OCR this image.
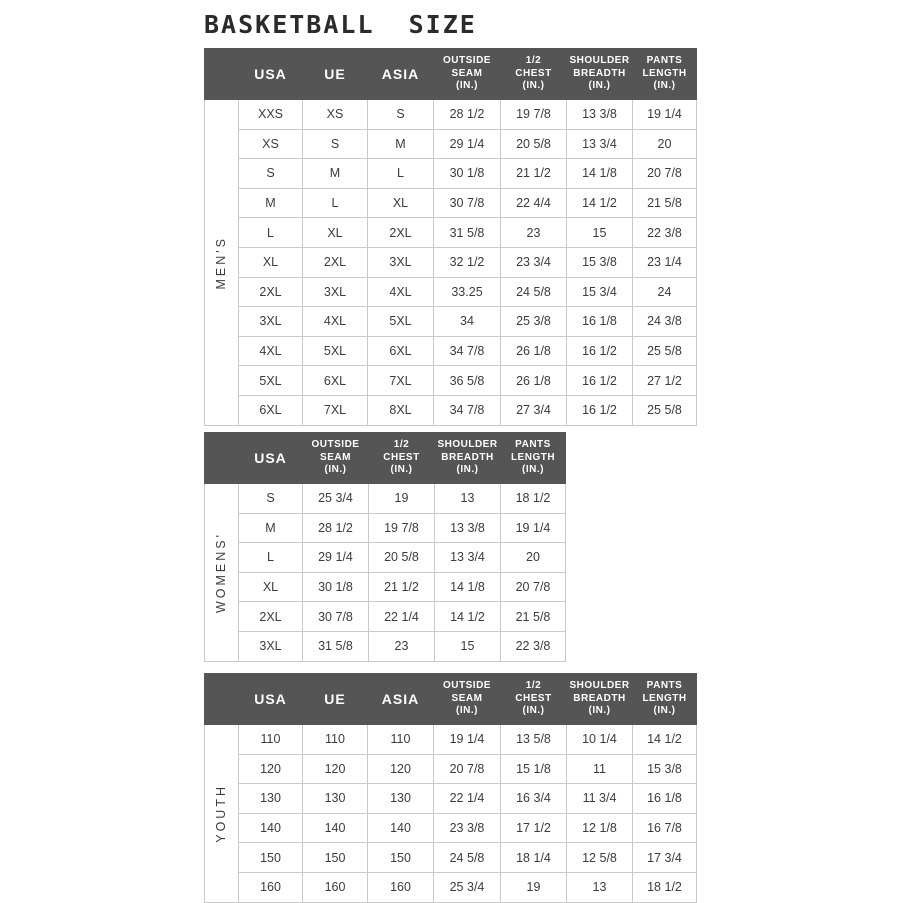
BASKETBALL  SIZE

	USA	UE	ASIA	OUTSIDE
SEAM
(IN.)	1/2
CHEST
(IN.)	SHOULDER
BREADTH
(IN.)	PANTS
LENGTH
(IN.)

MEN'S	XXS	XS	S	28 1/2	19 7/8	13 3/8	19 1/4
	XS	S	M	29 1/4	20 5/8	13 3/4	20
	S	M	L	30 1/8	21 1/2	14 1/8	20 7/8
	M	L	XL	30 7/8	22 4/4	14 1/2	21 5/8
	L	XL	2XL	31 5/8	23	15	22 3/8
	XL	2XL	3XL	32 1/2	23 3/4	15 3/8	23 1/4
	2XL	3XL	4XL	33.25	24 5/8	15 3/4	24
	3XL	4XL	5XL	34	25 3/8	16 1/8	24 3/8
	4XL	5XL	6XL	34 7/8	26 1/8	16 1/2	25 5/8
	5XL	6XL	7XL	36 5/8	26 1/8	16 1/2	27 1/2
	6XL	7XL	8XL	34 7/8	27 3/4	16 1/2	25 5/8

	USA	OUTSIDE
SEAM
(IN.)	1/2
CHEST
(IN.)	SHOULDER
BREADTH
(IN.)	PANTS
LENGTH
(IN.)

WOMENS'	S	25 3/4	19	13	18 1/2
	M	28 1/2	19 7/8	13 3/8	19 1/4
	L	29 1/4	20 5/8	13 3/4	20
	XL	30 1/8	21 1/2	14 1/8	20 7/8
	2XL	30 7/8	22 1/4	14 1/2	21 5/8
	3XL	31 5/8	23	15	22 3/8

	USA	UE	ASIA	OUTSIDE
SEAM
(IN.)	1/2
CHEST
(IN.)	SHOULDER
BREADTH
(IN.)	PANTS
LENGTH
(IN.)

YOUTH	110	110	110	19 1/4	13 5/8	10 1/4	14 1/2
	120	120	120	20 7/8	15 1/8	11	15 3/8
	130	130	130	22 1/4	16 3/4	11 3/4	16 1/8
	140	140	140	23 3/8	17 1/2	12 1/8	16 7/8
	150	150	150	24 5/8	18 1/4	12 5/8	17 3/4
	160	160	160	25 3/4	19	13	18 1/2
